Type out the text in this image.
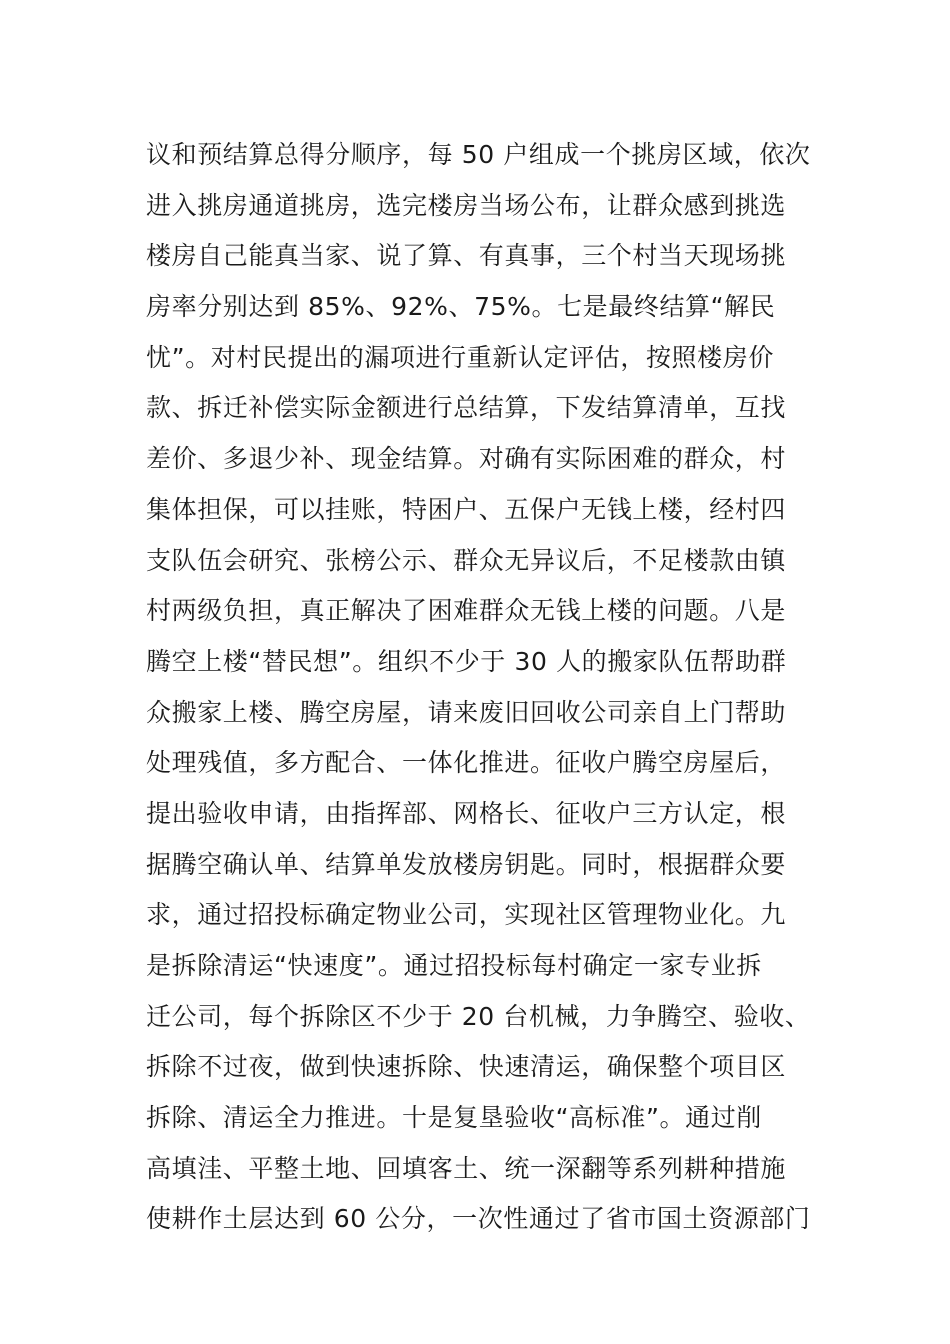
议和预结算总得分顺序，每 50 户组成一个挑房区域，依次
进入挑房通道挑房，选完楼房当场公布，让群众感到挑选
楼房自己能真当家、说了算、有真事，三个村当天现场挑
房率分别达到 85%、92%、75%。七是最终结算“解民
忧”。对村民提出的漏项进行重新认定评估，按照楼房价
款、拆迁补偿实际金额进行总结算，下发结算清单，互找
差价、多退少补、现金结算。对确有实际困难的群众，村
集体担保，可以挂账，特困户、五保户无钱上楼，经村四
支队伍会研究、张榜公示、群众无异议后，不足楼款由镇
村两级负担，真正解决了困难群众无钱上楼的问题。八是
腾空上楼“替民想”。组织不少于 30 人的搬家队伍帮助群
众搬家上楼、腾空房屋，请来废旧回收公司亲自上门帮助
处理残值，多方配合、一体化推进。征收户腾空房屋后，
提出验收申请，由指挥部、网格长、征收户三方认定，根
据腾空确认单、结算单发放楼房钥匙。同时，根据群众要
求，通过招投标确定物业公司，实现社区管理物业化。九
是拆除清运“快速度”。通过招投标每村确定一家专业拆
迁公司，每个拆除区不少于 20 台机械，力争腾空、验收、
拆除不过夜，做到快速拆除、快速清运，确保整个项目区
拆除、清运全力推进。十是复垦验收“高标准”。通过削
高填洼、平整土地、回填客土、统一深翻等系列耕种措施
使耕作土层达到 60 公分，一次性通过了省市国土资源部门
